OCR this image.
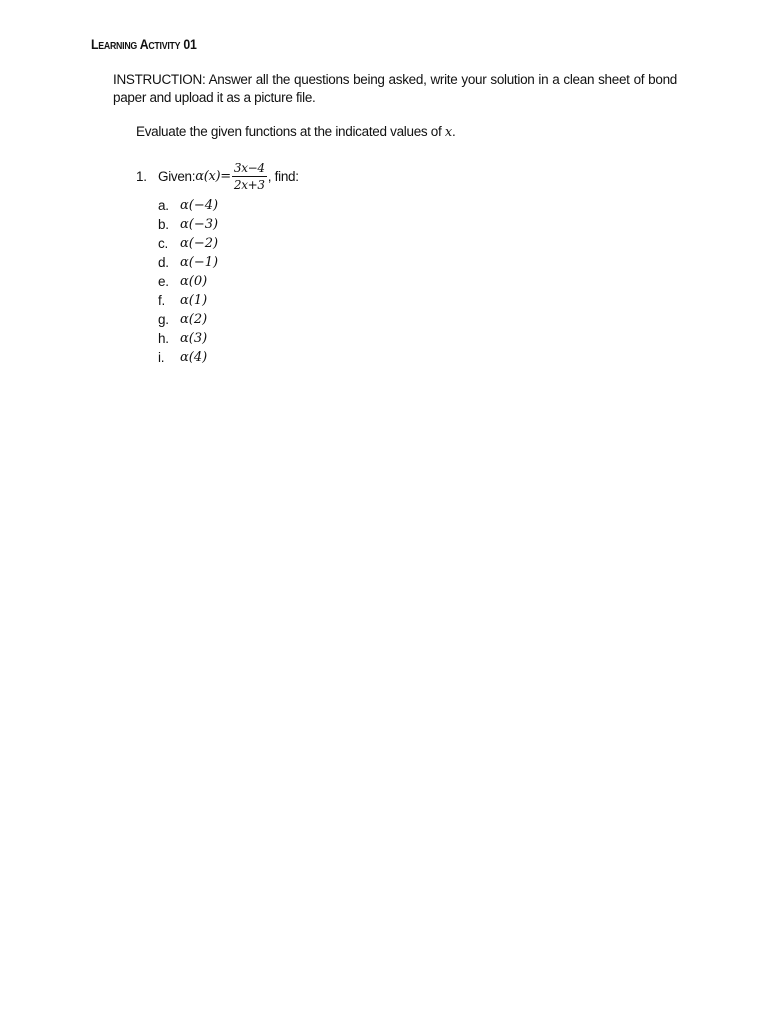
Learning Activity 01
INSTRUCTION: Answer all the questions being asked, write your solution in a clean sheet of bond paper and upload it as a picture file.
Evaluate the given functions at the indicated values of x.
1. Given: $\alpha(x)= \frac{3x-4}{2x+3}$ , find:
a. α(−4)
b. α(−3)
c. α(−2)
d. α(−1)
e. α(0)
f.	α(1)
g. α(2)
h. α(3)
i.	α(4)
